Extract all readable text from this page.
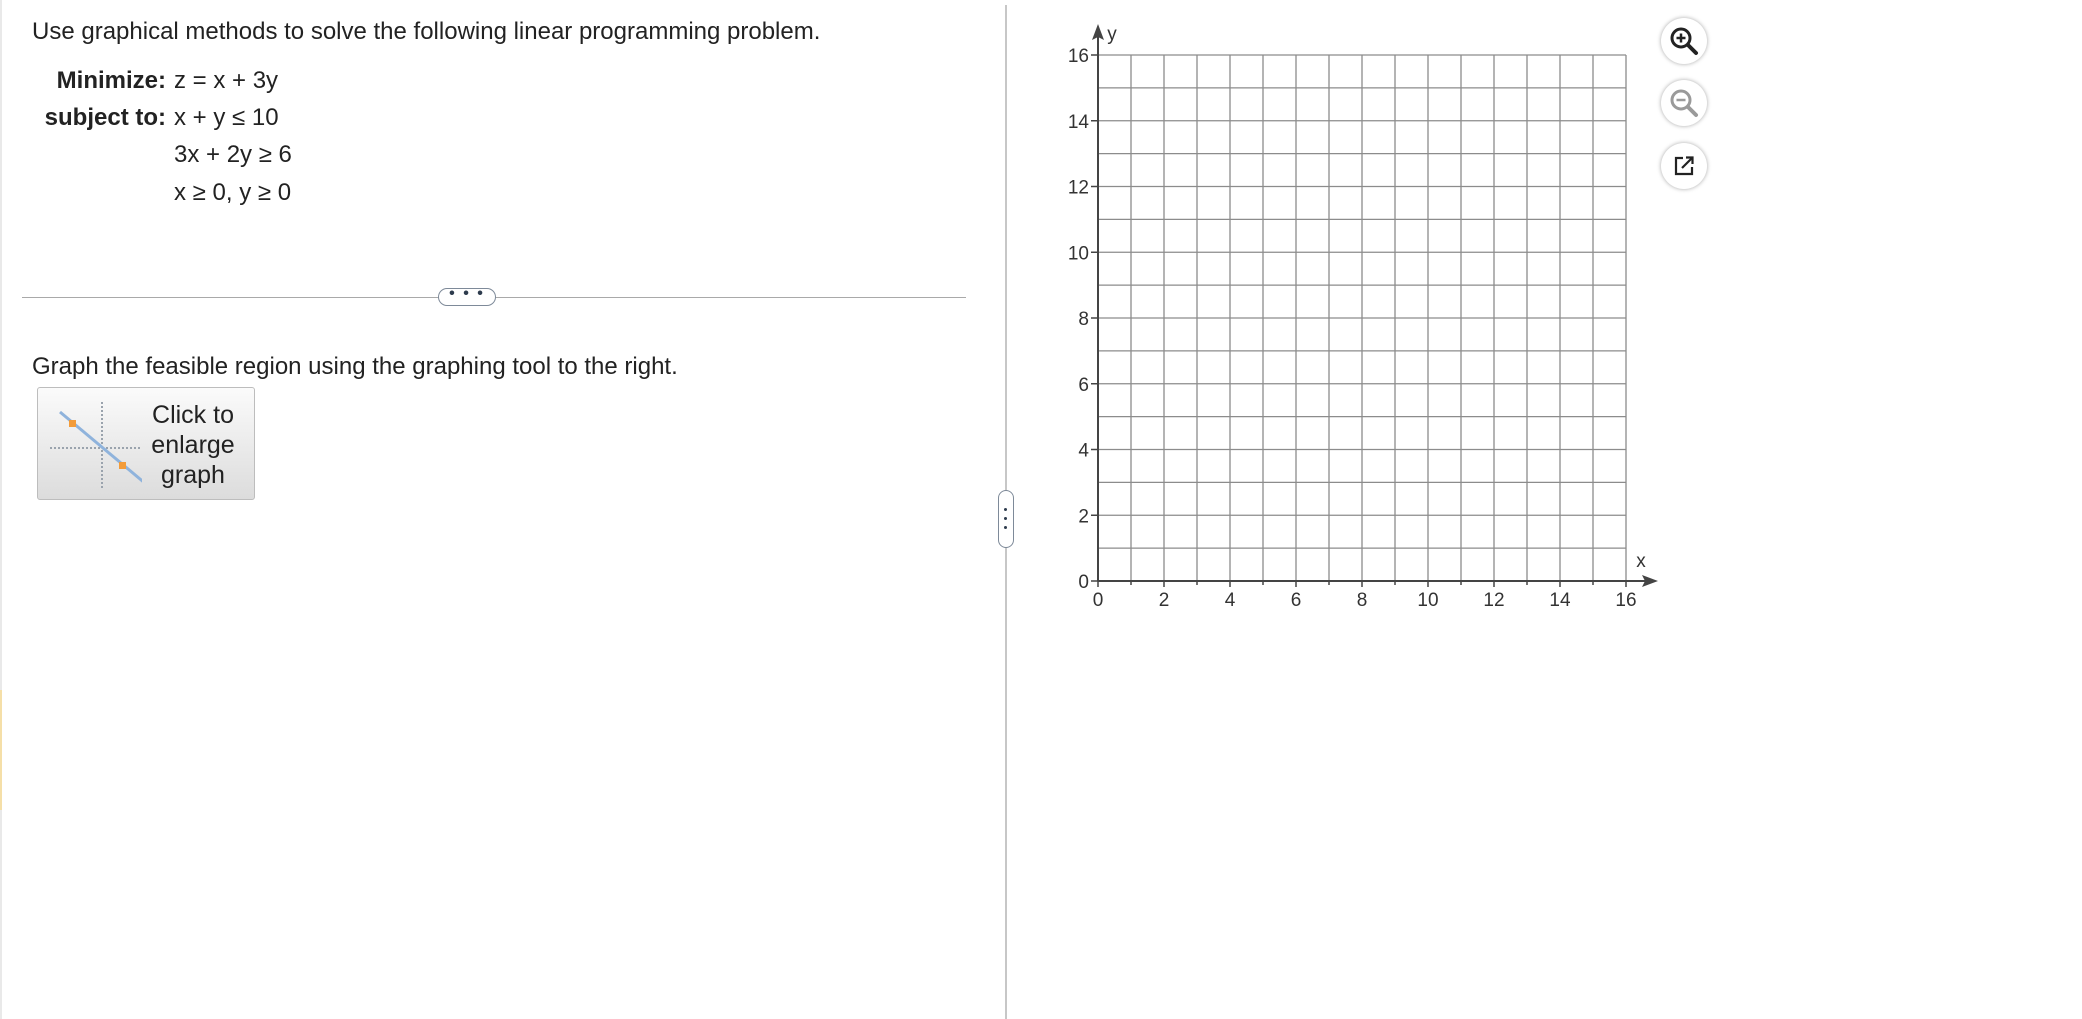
Use graphical methods to solve the following linear programming problem.
Minimize: z = x + 3y
subject to: x + y ≤ 10
3x + 2y ≥ 6
x ≥ 0, y ≥ 0
• • •
Graph the feasible region using the graphing tool to the right.
Click to
enlarge
graph
0	2	4	6	8	10 12 14 16
0
2
4
6
8
10
12
14
16
x
y
